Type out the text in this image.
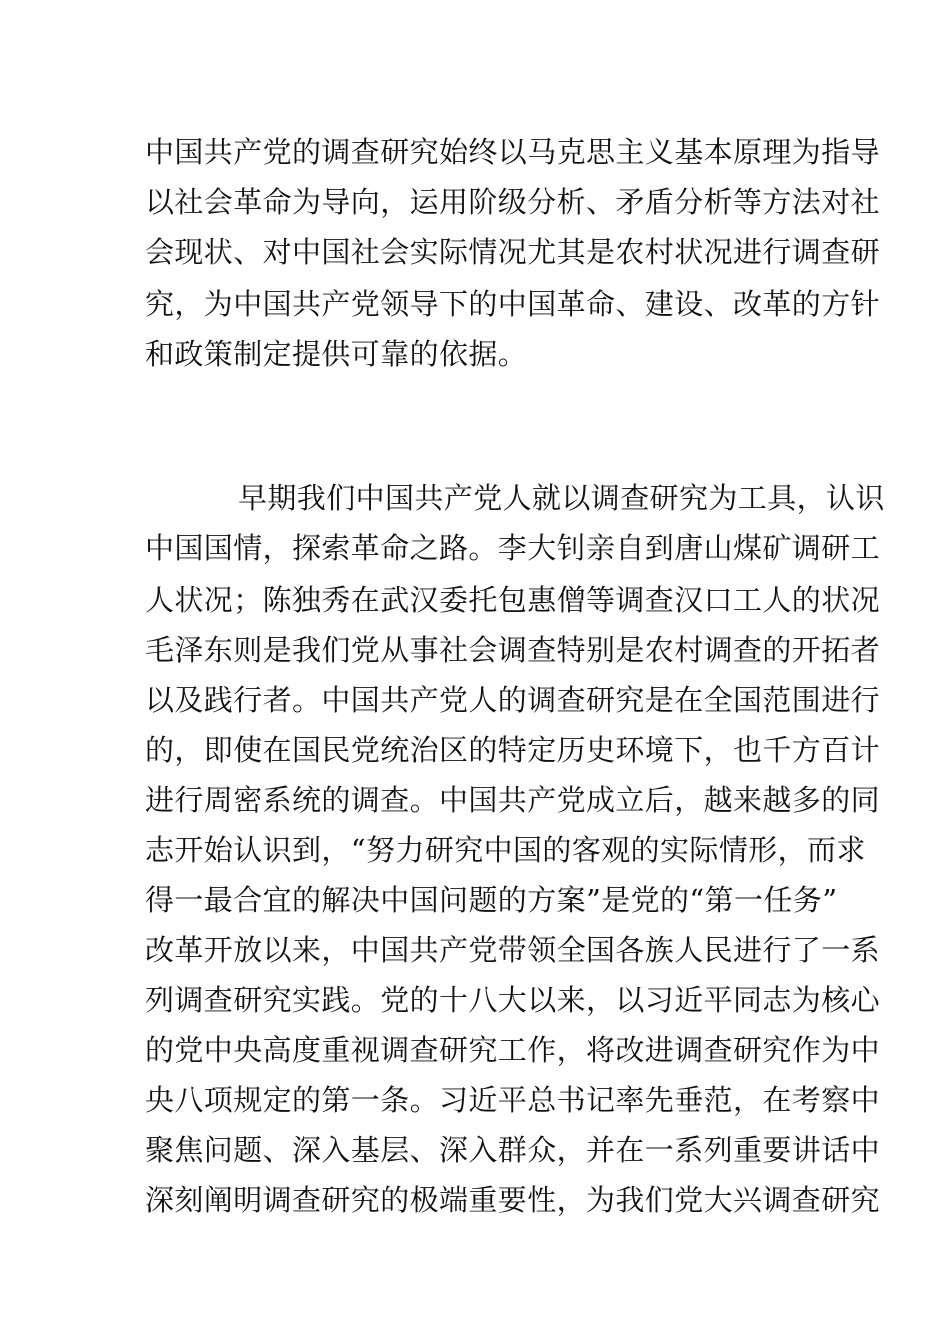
中国共产党的调查研究始终以马克思主义基本原理为指导
以社会革命为导向，运用阶级分析、矛盾分析等方法对社
会现状、对中国社会实际情况尤其是农村状况进行调查研
究，为中国共产党领导下的中国革命、建设、改革的方针
和政策制定提供可靠的依据。
早期我们中国共产党人就以调查研究为工具，认识
中国国情，探索革命之路。李大钊亲自到唐山煤矿调研工
人状况；陈独秀在武汉委托包惠僧等调查汉口工人的状况
毛泽东则是我们党从事社会调查特别是农村调查的开拓者
以及践行者。中国共产党人的调查研究是在全国范围进行
的，即使在国民党统治区的特定历史环境下，也千方百计
进行周密系统的调查。中国共产党成立后，越来越多的同
志开始认识到，“努力研究中国的客观的实际情形，而求
得一最合宜的解决中国问题的方案”是党的“第一任务”
改革开放以来，中国共产党带领全国各族人民进行了一系
列调查研究实践。党的十八大以来，以习近平同志为核心
的党中央高度重视调查研究工作，将改进调查研究作为中
央八项规定的第一条。习近平总书记率先垂范，在考察中
聚焦问题、深入基层、深入群众，并在一系列重要讲话中
深刻阐明调查研究的极端重要性，为我们党大兴调查研究
